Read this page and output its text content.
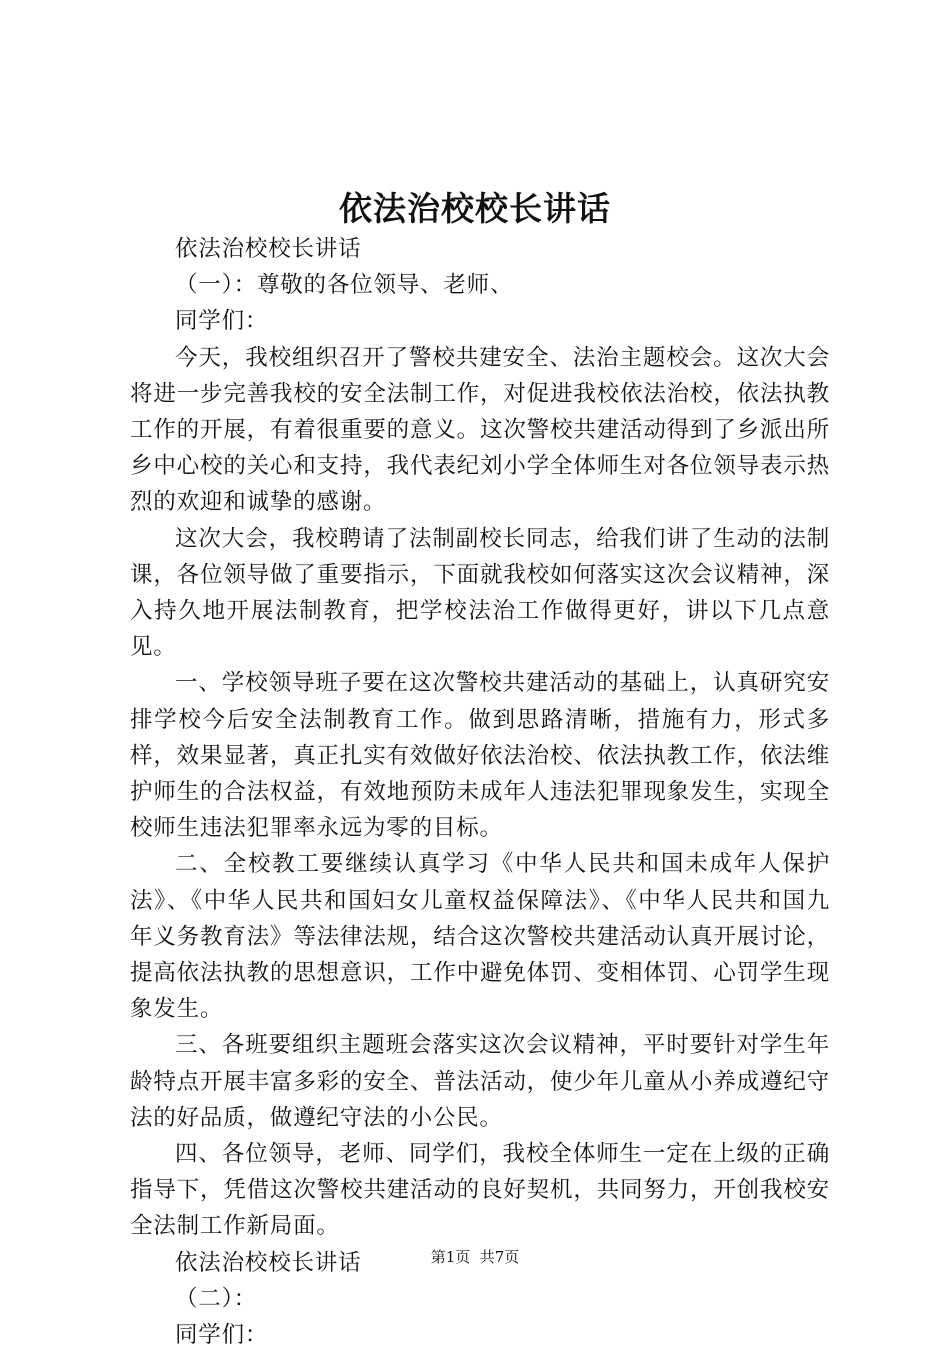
依法治校校长讲话

依法治校校长讲话

（一）：尊敬的各位领导、老师、

同学们：

今天，我校组织召开了警校共建安全、法治主题校会。这次大会将进一步完善我校的安全法制工作，对促进我校依法治校，依法执教工作的开展，有着很重要的意义。这次警校共建活动得到了乡派出所乡中心校的关心和支持，我代表纪刘小学全体师生对各位领导表示热烈的欢迎和诚挚的感谢。

这次大会，我校聘请了法制副校长同志，给我们讲了生动的法制课，各位领导做了重要指示，下面就我校如何落实这次会议精神，深入持久地开展法制教育，把学校法治工作做得更好，讲以下几点意见。

一、学校领导班子要在这次警校共建活动的基础上，认真研究安排学校今后安全法制教育工作。做到思路清晰，措施有力，形式多样，效果显著，真正扎实有效做好依法治校、依法执教工作，依法维护师生的合法权益，有效地预防未成年人违法犯罪现象发生，实现全校师生违法犯罪率永远为零的目标。

二、全校教工要继续认真学习《中华人民共和国未成年人保护法》、《中华人民共和国妇女儿童权益保障法》、《中华人民共和国九年义务教育法》等法律法规，结合这次警校共建活动认真开展讨论，提高依法执教的思想意识，工作中避免体罚、变相体罚、心罚学生现象发生。

三、各班要组织主题班会落实这次会议精神，平时要针对学生年龄特点开展丰富多彩的安全、普法活动，使少年儿童从小养成遵纪守法的好品质，做遵纪守法的小公民。

四、各位领导，老师、同学们，我校全体师生一定在上级的正确指导下，凭借这次警校共建活动的良好契机，共同努力，开创我校安全法制工作新局面。

依法治校校长讲话

（二）：

同学们：

第1页  共7页
